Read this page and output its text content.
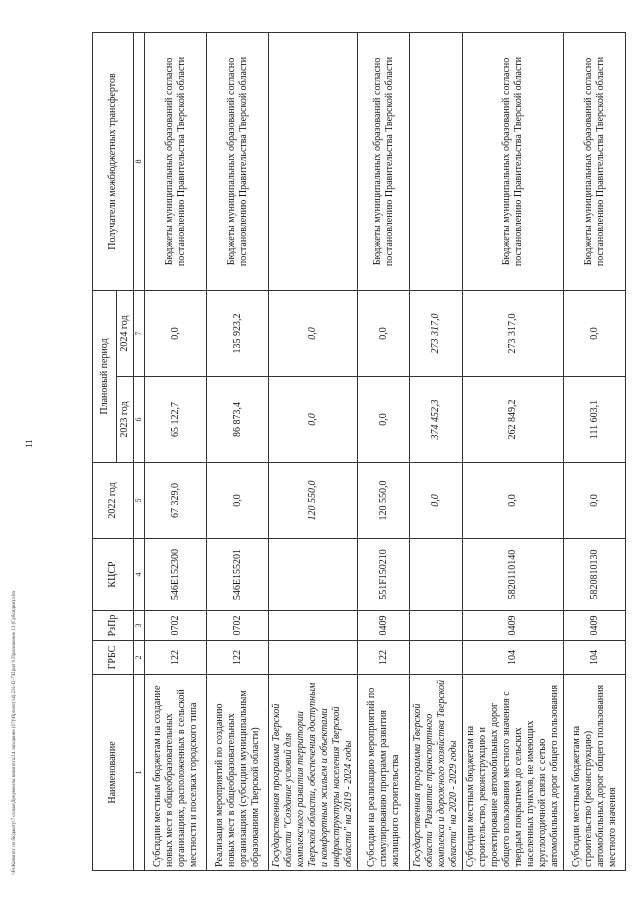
11
\\Fs\Комитет по бюджету\7 созыв\Документы комитета\14 заседание (07)\Проект(14) 231-П-7\Прил 9 Приложение 13 (Субсидии).xlsx	Наименование	ГРБС	РзПр	КЦСР	2022 год	Плановый период		Получатели межбюджетных трансфертов
					2023 год	2024 год	
1	2	3	4	5	6	7	8
Субсидии местным бюджетам на создание новых мест в общеобразовательных организациях, расположенных в сельской местности и поселках городского типа	122	0702	546E152300	67 329,0	65 122,7	0,0	Бюджеты муниципальных образований согласно постановлению Правительства Тверской области
Реализация мероприятий по созданию новых мест в общеобразовательных организациях (субсидии муниципальным образованиям Тверской области)	122	0702	546E155201	0,0	86 873,4	135 923,2	Бюджеты муниципальных образований согласно постановлению Правительства Тверской области
Государственная программа Тверской области "Создание условий для комплексного развития территории Тверской области, обеспечения доступным и комфортным жильем и объектами инфраструктуры населения Тверской области" на 2019 - 2024 годы				120 550,0	0,0	0,0	
Субсидии на реализацию мероприятий по стимулированию программ развития жилищного строительства	122	0409	551F150210	120 550,0	0,0	0,0	Бюджеты муниципальных образований согласно постановлению Правительства Тверской области
Государственная программа Тверской области "Развитие транспортного комплекса и дорожного хозяйства Тверской области" на 2020 - 2029 годы				0,0	374 452,3	273 317,0	
Субсидии местным бюджетам на строительство, реконструкцию и проектирование автомобильных дорог общего пользования местного значения с твердым покрытием до сельских населенных пунктов, не имеющих круглогодичной связи с сетью автомобильных дорог общего пользования	104	0409	5820110140	0,0	262 849,2	273 317,0	Бюджеты муниципальных образований согласно постановлению Правительства Тверской области
Субсидии местным бюджетам на строительство (реконструкцию) автомобильных дорог общего пользования местного значения	104	0409	5820810130	0,0	111 603,1	0,0	Бюджеты муниципальных образований согласно постановлению Правительства Тверской области
